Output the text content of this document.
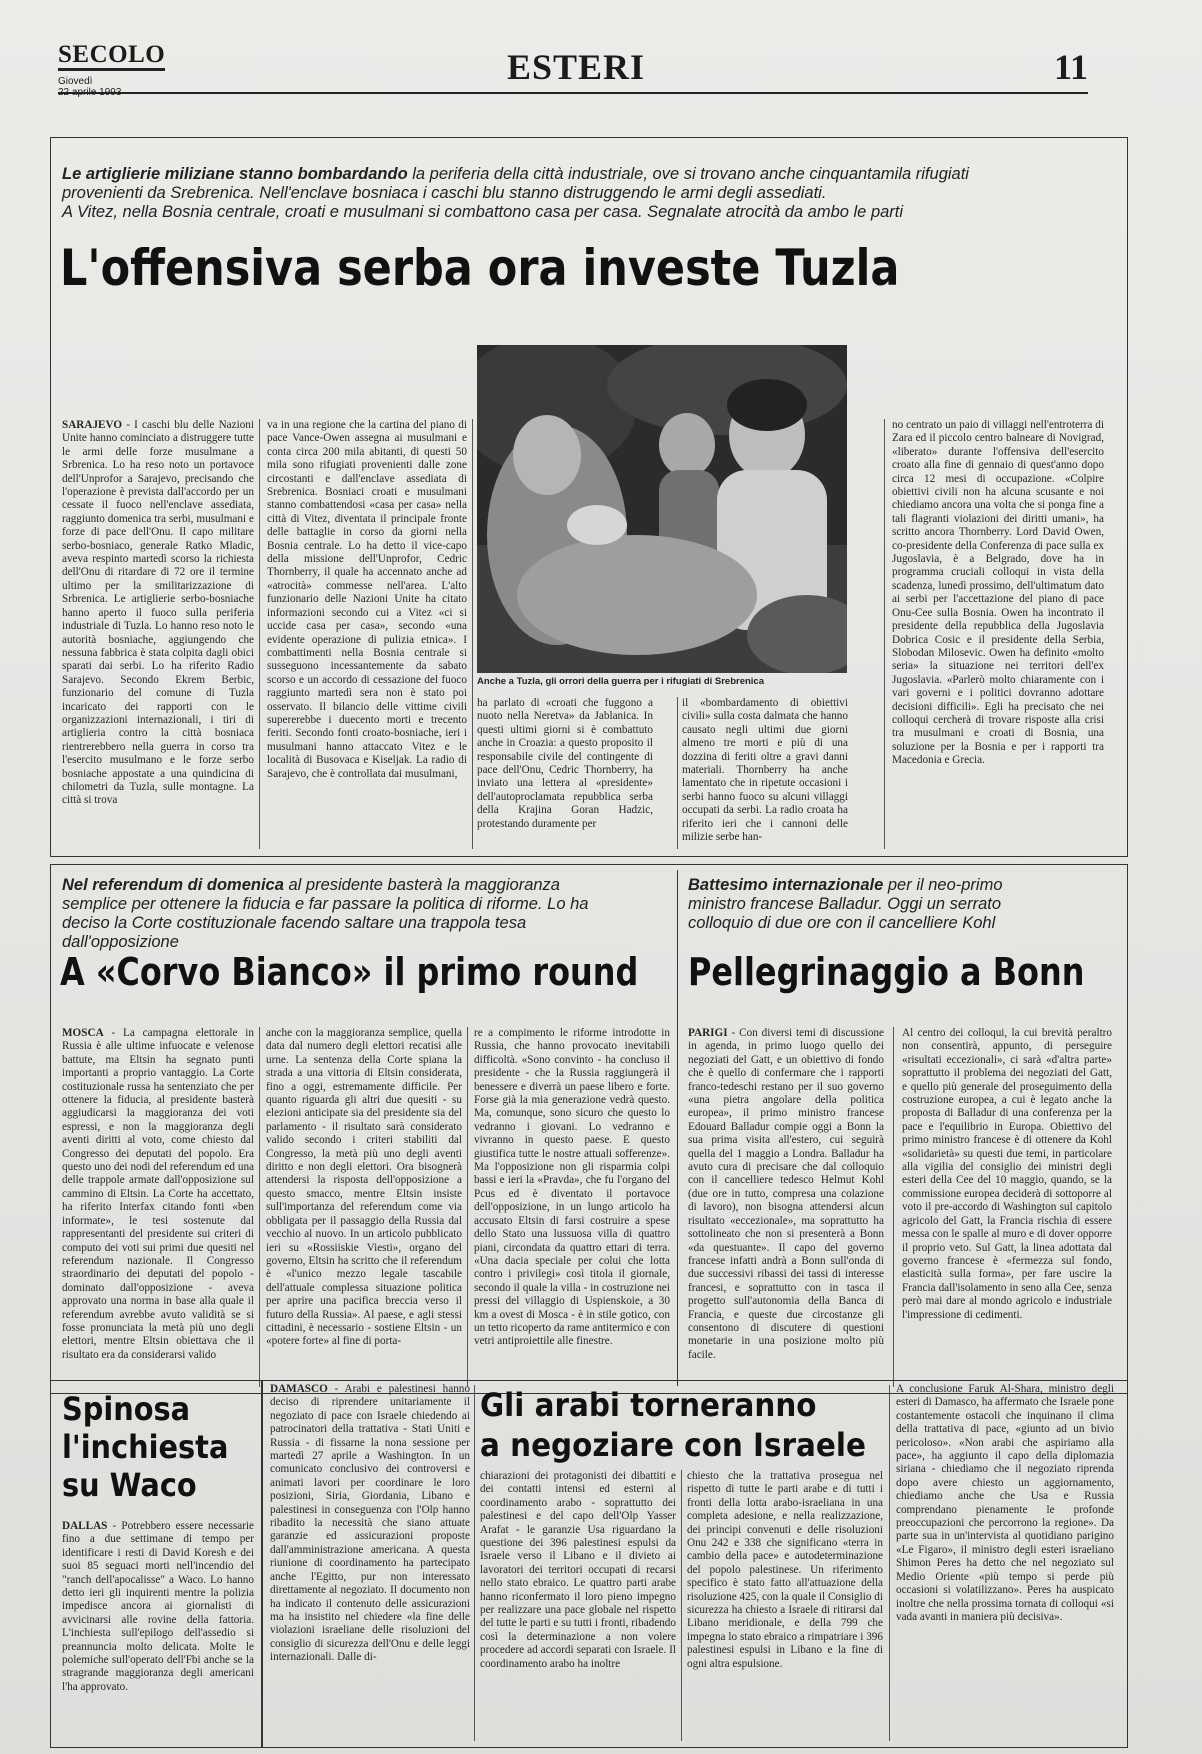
SECOLO
Giovedì	ESTERI	11
Le artiglierie miliziane stanno bombardando la periferia della città industriale, ove si trovano anche cinquantamila rifugiati provenienti da Srebrenica. Nell'enclave bosniaca i caschi blu stanno distruggendo le armi degli assediati.
A Vitez, nella Bosnia centrale, croati e musulmani si combattono casa per casa. Segnalate atrocità da ambo le parti
L'offensiva serba ora investe Tuzla
SARAJEVO - I caschi blu delle Nazioni Unite hanno cominciato a distruggere tutte le armi delle forze musulmane a Srbrenica. Lo ha reso noto un portavoce dell'Unprofor a Sarajevo, precisando che l'operazione è prevista dall'accordo per un cessate il fuoco nell'enclave assediata, raggiunto domenica tra serbi, musulmani e forze di pace dell'Onu. Il capo militare serbo-bosniaco, generale Ratko Mladic, aveva respinto martedì scorso la richiesta dell'Onu di ritardare di 72 ore il termine ultimo per la smilitarizzazione di Srbrenica. Le artiglierie serbo-bosniache hanno aperto il fuoco sulla periferia industriale di Tuzla. Lo hanno reso noto le autorità bosniache, aggiungendo che nessuna fabbrica è stata colpita dagli obici sparati dai serbi. Lo ha riferito Radio Sarajevo. Secondo Ekrem Berbic, funzionario del comune di Tuzla incaricato dei rapporti con le organizzazioni internazionali, i tiri di artiglieria contro la città bosniaca rientrerebbero nella guerra in corso tra l'esercito musulmano e le forze serbo bosniache appostate a una quindicina di chilometri da Tuzla, sulle montagne. La città si trova
va in una regione che la cartina del piano di pace Vance-Owen assegna ai musulmani e conta circa 200 mila abitanti, di questi 50 mila sono rifugiati provenienti dalle zone circostanti e dall'enclave assediata di Srebrenica. Bosniaci croati e musulmani stanno combattendosi «casa per casa» nella città di Vitez, diventata il principale fronte delle battaglie in corso da giorni nella Bosnia centrale. Lo ha detto il vice-capo della missione dell'Unprofor, Cedric Thornberry, il quale ha accennato anche ad «atrocità» commesse nell'area. L'alto funzionario delle Nazioni Unite ha citato informazioni secondo cui a Vitez «ci si uccide casa per casa», secondo «una evidente operazione di pulizia etnica». I combattimenti nella Bosnia centrale si susseguono incessantemente da sabato scorso e un accordo di cessazione del fuoco raggiunto martedì sera non è stato poi osservato. Il bilancio delle vittime civili supererebbe i duecento morti e trecento feriti. Secondo fonti croato-bosniache, ieri i musulmani hanno attaccato Vitez e le località di Busovaca e Kiseljak. La radio di Sarajevo, che è controllata dai musulmani,
Anche a Tuzla, gli orrori della guerra per i rifugiati di Srebrenica
ha parlato di «croati che fuggono a nuoto nella Neretva» da Jablanica. In questi ultimi giorni si è combattuto anche in Croazia: a questo proposito il responsabile civile del contingente di pace dell'Onu, Cedric Thornberry, ha inviato una lettera al «presidente» dell'autoproclamata repubblica serba della Krajina Goran Hadzic, protestando duramente per
il «bombardamento di obiettivi civili» sulla costa dalmata che hanno causato negli ultimi due giorni almeno tre morti e più di una dozzina di feriti oltre a gravi danni materiali. Thornberry ha anche lamentato che in ripetute occasioni i serbi hanno fuoco su alcuni villaggi occupati da serbi. La radio croata ha riferito ieri che i cannoni delle milizie serbe han-
no centrato un paio di villaggi nell'entroterra di Zara ed il piccolo centro balneare di Novigrad, «liberato» durante l'offensiva dell'esercito croato alla fine di gennaio di quest'anno dopo circa 12 mesi di occupazione. «Colpire obiettivi civili non ha alcuna scusante e noi chiediamo ancora una volta che si ponga fine a tali flagranti violazioni dei diritti umani», ha scritto ancora Thornberry. Lord David Owen, co-presidente della Conferenza di pace sulla ex Jugoslavia, è a Belgrado, dove ha in programma cruciali colloqui in vista della scadenza, lunedì prossimo, dell'ultimatum dato ai serbi per l'accettazione del piano di pace Onu-Cee sulla Bosnia. Owen ha incontrato il presidente della repubblica della Jugoslavia Dobrica Cosic e il presidente della Serbia, Slobodan Milosevic. Owen ha definito «molto seria» la situazione nei territori dell'ex Jugoslavia. «Parlerò molto chiaramente con i vari governi e i politici dovranno adottare decisioni difficili». Egli ha precisato che nei colloqui cercherà di trovare risposte alla crisi tra musulmani e croati di Bosnia, una soluzione per la Bosnia e per i rapporti tra Macedonia e Grecia.
Nel referendum di domenica al presidente basterà la maggioranza semplice per ottenere la fiducia e far passare la politica di riforme. Lo ha deciso la Corte costituzionale facendo saltare una trappola tesa dall'opposizione
A «Corvo Bianco» il primo round
MOSCA - La campagna elettorale in Russia è alle ultime infuocate e velenose battute, ma Eltsin ha segnato punti importanti a proprio vantaggio. La Corte costituzionale russa ha sentenziato che per ottenere la fiducia, al presidente basterà aggiudicarsi la maggioranza dei voti espressi, e non la maggioranza degli aventi diritti al voto, come chiesto dal Congresso dei deputati del popolo. Era questo uno dei nodi del referendum ed una delle trappole armate dall'opposizione sul cammino di Eltsin. La Corte ha accettato, ha riferito Interfax citando fonti «ben informate», le tesi sostenute dal rappresentanti del presidente sui criteri di computo dei voti sui primi due quesiti nel referendum nazionale. Il Congresso straordinario dei deputati del popolo - dominato dall'opposizione - aveva approvato una norma in base alla quale il referendum avrebbe avuto validità se si fosse pronunciata la metà più uno degli elettori, mentre Eltsin obiettava che il risultato era da considerarsi valido
anche con la maggioranza semplice, quella data dal numero degli elettori recatisi alle urne. La sentenza della Corte spiana la strada a una vittoria di Eltsin considerata, fino a oggi, estremamente difficile. Per quanto riguarda gli altri due quesiti - su elezioni anticipate sia del presidente sia del parlamento - il risultato sarà considerato valido secondo i criteri stabiliti dal Congresso, la metà più uno degli aventi diritto e non degli elettori. Ora bisognerà attendersi la risposta dell'opposizione a questo smacco, mentre Eltsin insiste sull'importanza del referendum come via obbligata per il passaggio della Russia dal vecchio al nuovo. In un articolo pubblicato ieri su «Rossiiskie Viesti», organo del governo, Eltsin ha scritto che il referendum è «l'unico mezzo legale tascabile dell'attuale complessa situazione politica per aprire una pacifica breccia verso il futuro della Russia». Al paese, e agli stessi cittadini, è necessario - sostiene Eltsin - un «potere forte» al fine di porta-
re a compimento le riforme introdotte in Russia, che hanno provocato inevitabili difficoltà. «Sono convinto - ha concluso il presidente - che la Russia raggiungerà il benessere e diverrà un paese libero e forte. Forse già la mia generazione vedrà questo. Ma, comunque, sono sicuro che questo lo vedranno i giovani. Lo vedranno e vivranno in questo paese. E questo giustifica tutte le nostre attuali sofferenze». Ma l'opposizione non gli risparmia colpi bassi e ieri la «Pravda», che fu l'organo del Pcus ed è diventato il portavoce dell'opposizione, in un lungo articolo ha accusato Eltsin di farsi costruire a spese dello Stato una lussuosa villa di quattro piani, circondata da quattro ettari di terra. «Una dacia speciale per colui che lotta contro i privilegi» così titola il giornale, secondo il quale la villa - in costruzione nei pressi del villaggio di Uspienskoie, a 30 km a ovest di Mosca - è in stile gotico, con un tetto ricoperto da rame antitermico e con vetri antiproiettile alle finestre.
Battesimo internazionale per il neo-primo ministro francese Balladur. Oggi un serrato colloquio di due ore con il cancelliere Kohl
Pellegrinaggio a Bonn
PARIGI - Con diversi temi di discussione in agenda, in primo luogo quello dei negoziati del Gatt, e un obiettivo di fondo che è quello di confermare che i rapporti franco-tedeschi restano per il suo governo «una pietra angolare della politica europea», il primo ministro francese Edouard Balladur compie oggi a Bonn la sua prima visita all'estero, cui seguirà quella del 1 maggio a Londra. Balladur ha avuto cura di precisare che dal colloquio con il cancelliere tedesco Helmut Kohl (due ore in tutto, compresa una colazione di lavoro), non bisogna attendersi alcun risultato «eccezionale», ma soprattutto ha sottolineato che non si presenterà a Bonn «da questuante». Il capo del governo francese infatti andrà a Bonn sull'onda di due successivi ribassi dei tassi di interesse francesi, e soprattutto con in tasca il progetto sull'autonomia della Banca di Francia, e queste due circostanze gli consentono di discutere di questioni monetarie in una posizione molto più facile.
Al centro dei colloqui, la cui brevità peraltro non consentirà, appunto, di perseguire «risultati eccezionali», ci sarà «d'altra parte» soprattutto il problema dei negoziati del Gatt, e quello più generale del proseguimento della costruzione europea, a cui è legato anche la proposta di Balladur di una conferenza per la pace e l'equilibrio in Europa. Obiettivo del primo ministro francese è di ottenere da Kohl «solidarietà» su questi due temi, in particolare alla vigilia del consiglio dei ministri degli esteri della Cee del 10 maggio, quando, se la commissione europea deciderà di sottoporre al voto il pre-accordo di Washington sul capitolo agricolo del Gatt, la Francia rischia di essere messa con le spalle al muro e di dover opporre il proprio veto. Sul Gatt, la linea adottata dal governo francese è «fermezza sul fondo, elasticità sulla forma», per fare uscire la Francia dall'isolamento in seno alla Cee, senza però mai dare al mondo agricolo e industriale l'impressione di cedimenti.
Spinosa
l'inchiesta
su Waco
DALLAS - Potrebbero essere necessarie fino a due settimane di tempo per identificare i resti di David Koresh e dei suoi 85 seguaci morti nell'incendio del "ranch dell'apocalisse" a Waco. Lo hanno detto ieri gli inquirenti mentre la polizia impedisce ancora ai giornalisti di avvicinarsi alle rovine della fattoria. L'inchiesta sull'epilogo dell'assedio si preannuncia molto delicata. Molte le polemiche sull'operato dell'Fbi anche se la stragrande maggioranza degli americani l'ha approvato.
DAMASCO - Arabi e palestinesi hanno deciso di riprendere unitariamente il negoziato di pace con Israele chiedendo ai patrocinatori della trattativa - Stati Uniti e Russia - di fissarne la nona sessione per martedì 27 aprile a Washington. In un comunicato conclusivo dei controversi e animati lavori per coordinare le loro posizioni, Siria, Giordania, Libano e palestinesi in conseguenza con l'Olp hanno ribadito la necessità che siano attuate garanzie ed assicurazioni proposte dall'amministrazione americana. A questa riunione di coordinamento ha partecipato anche l'Egitto, pur non interessato direttamente al negoziato. Il documento non ha indicato il contenuto delle assicurazioni ma ha insistito nel chiedere «la fine delle violazioni israeliane delle risoluzioni del consiglio di sicurezza dell'Onu e delle leggi internazionali. Dalle di-
Gli arabi torneranno
a negoziare con Israele
chiarazioni dei protagonisti dei dibattiti e dei contatti intensi ed esterni al coordinamento arabo - soprattutto dei palestinesi e del capo dell'Olp Yasser Arafat - le garanzie Usa riguardano la questione dei 396 palestinesi espulsi da Israele verso il Libano e il divieto ai lavoratori dei territori occupati di recarsi nello stato ebraico. Le quattro parti arabe hanno riconfermato il loro pieno impegno per realizzare una pace globale nel rispetto del tutte le parti e su tutti i fronti, ribadendo così la determinazione a non volere procedere ad accordi separati con Israele. Il coordinamento arabo ha inoltre
chiesto che la trattativa prosegua nel rispetto di tutte le parti arabe e di tutti i fronti della lotta arabo-israeliana in una completa adesione, e nella realizzazione, dei principi convenuti e delle risoluzioni Onu 242 e 338 che significano «terra in cambio della pace» e autodeterminazione del popolo palestinese. Un riferimento specifico è stato fatto all'attuazione della risoluzione 425, con la quale il Consiglio di sicurezza ha chiesto a Israele di ritirarsi dal Libano meridionale, e della 799 che impegna lo stato ebraico a rimpatriare i 396 palestinesi espulsi in Libano e la fine di ogni altra espulsione.
A conclusione Faruk Al-Shara, ministro degli esteri di Damasco, ha affermato che Israele pone costantemente ostacoli che inquinano il clima della trattativa di pace, «giunto ad un bivio pericoloso». «Non arabi che aspiriamo alla pace», ha aggiunto il capo della diplomazia siriana - chiediamo che il negoziato riprenda dopo avere chiesto un aggiornamento, chiediamo anche che Usa e Russia comprendano pienamente le profonde preoccupazioni che percorrono la regione». Da parte sua in un'intervista al quotidiano parigino «Le Figaro», il ministro degli esteri israeliano Shimon Peres ha detto che nel negoziato sul Medio Oriente «più tempo si perde più occasioni si volatilizzano». Peres ha auspicato inoltre che nella prossima tornata di colloqui «si vada avanti in maniera più decisiva».
